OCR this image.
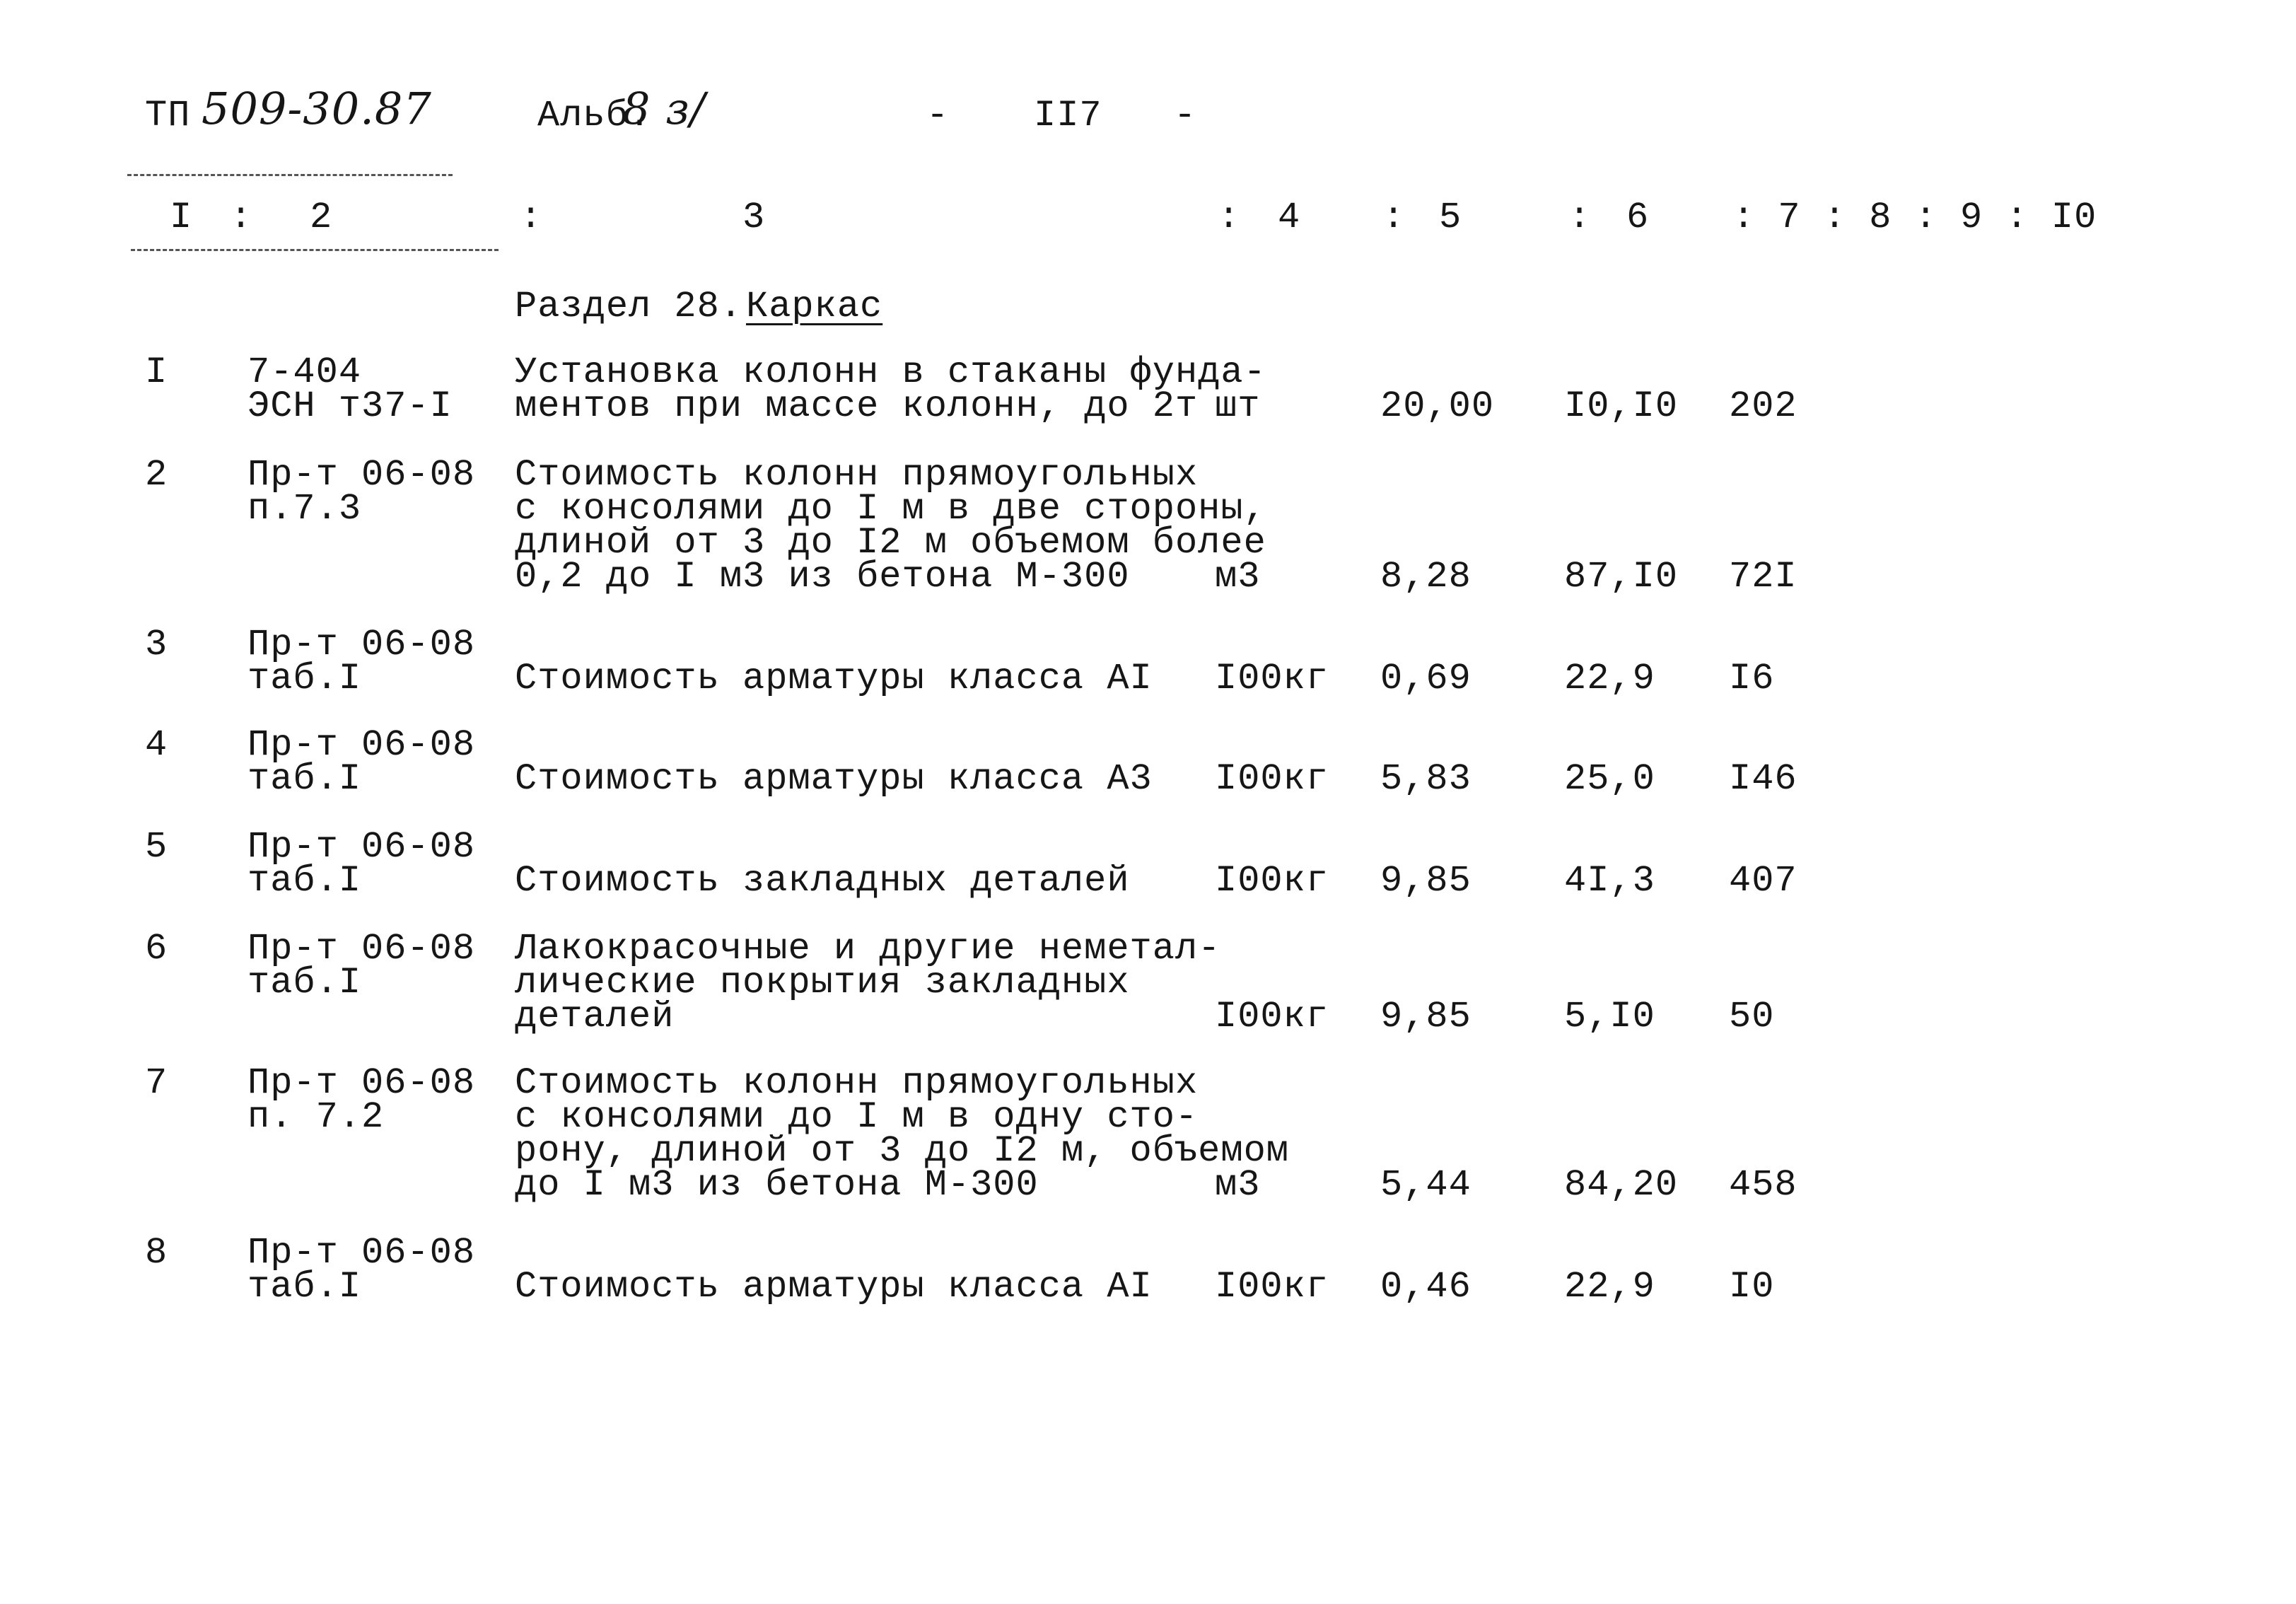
ТП 509-30.87	Альб.
8 з/	- II7 -
I : 2	:	3	: 4 : 5	: 6 : 7 : 8 : 9 : I0
Раздел 28. Каркас
I 7-404
ЭСН т37-I
Установка колонн в стаканы фунда-
ментов при массе колонн, до 2т шт	20,00 I0,I0 202
2 Пр-т 06-08
п.7.3
Стоимость колонн прямоугольных
с консолями до I м в две стороны,
длиной от 3 до I2 м объемом более
0,2 до I м3 из бетона М-300	м3	8,28	87,I0 72I
3 Пр-т 06-08
таб.I	Стоимость арматуры класса АI I00кг 0,69	22,9 I6
4 Пр-т 06-08
таб.I	Стоимость арматуры класса А3 I00кг 5,83	25,0 I46
5 Пр-т 06-08
таб.I	Стоимость закладных деталей I00кг 9,85	4I,3 407
6 Пр-т 06-08
таб.I
Лакокрасочные и другие неметал-
лические покрытия закладных
деталей	I00кг 9,85	5,I0 50
7 Пр-т 06-08
п. 7.2
Стоимость колонн прямоугольных
с консолями до I м в одну сто-
рону, длиной от 3 до I2 м, объемом
до I м3 из бетона М-300	м3	5,44	84,20 458
8 Пр-т 06-08
таб.I	Стоимость арматуры класса АI I00кг 0,46	22,9 I0
